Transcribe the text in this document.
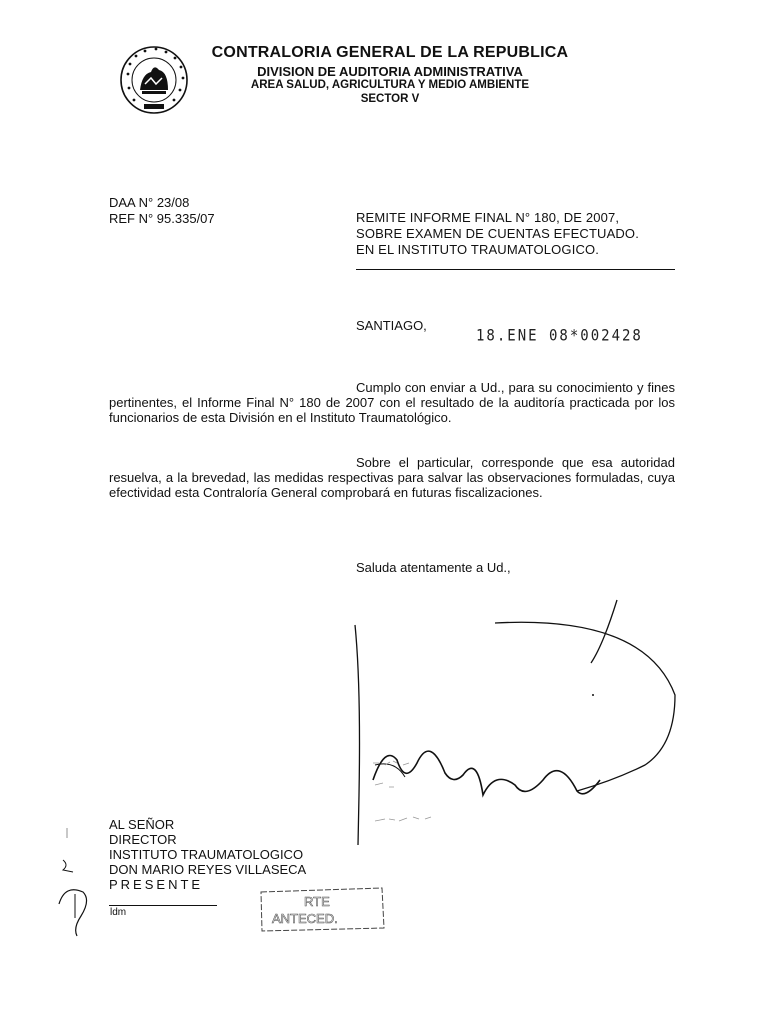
CONTRALORIA GENERAL DE LA REPUBLICA
DIVISION DE AUDITORIA ADMINISTRATIVA
AREA SALUD, AGRICULTURA Y MEDIO AMBIENTE
SECTOR V
DAA N° 23/08
REF N° 95.335/07	REMITE INFORME FINAL N° 180, DE 2007,
SOBRE EXAMEN DE CUENTAS EFECTUADO.
EN EL INSTITUTO TRAUMATOLOGICO.
SANTIAGO,
18.ENE 08*002428
Cumplo con enviar a Ud., para su conocimiento y fines pertinentes, el Informe Final N° 180 de 2007 con el resultado de la auditoría practicada por los funcionarios de esta División en el Instituto Traumatológico.
Sobre el particular, corresponde que esa autoridad resuelva, a la brevedad, las medidas respectivas para salvar las observaciones formuladas, cuya efectividad esta Contraloría General comprobará en futuras fiscalizaciones.
Saluda atentamente a Ud.,
AL SEÑOR
DIRECTOR
INSTITUTO TRAUMATOLOGICO
DON MARIO REYES VILLASECA
PRESENTE
ldm
RTE
ANTECED.
